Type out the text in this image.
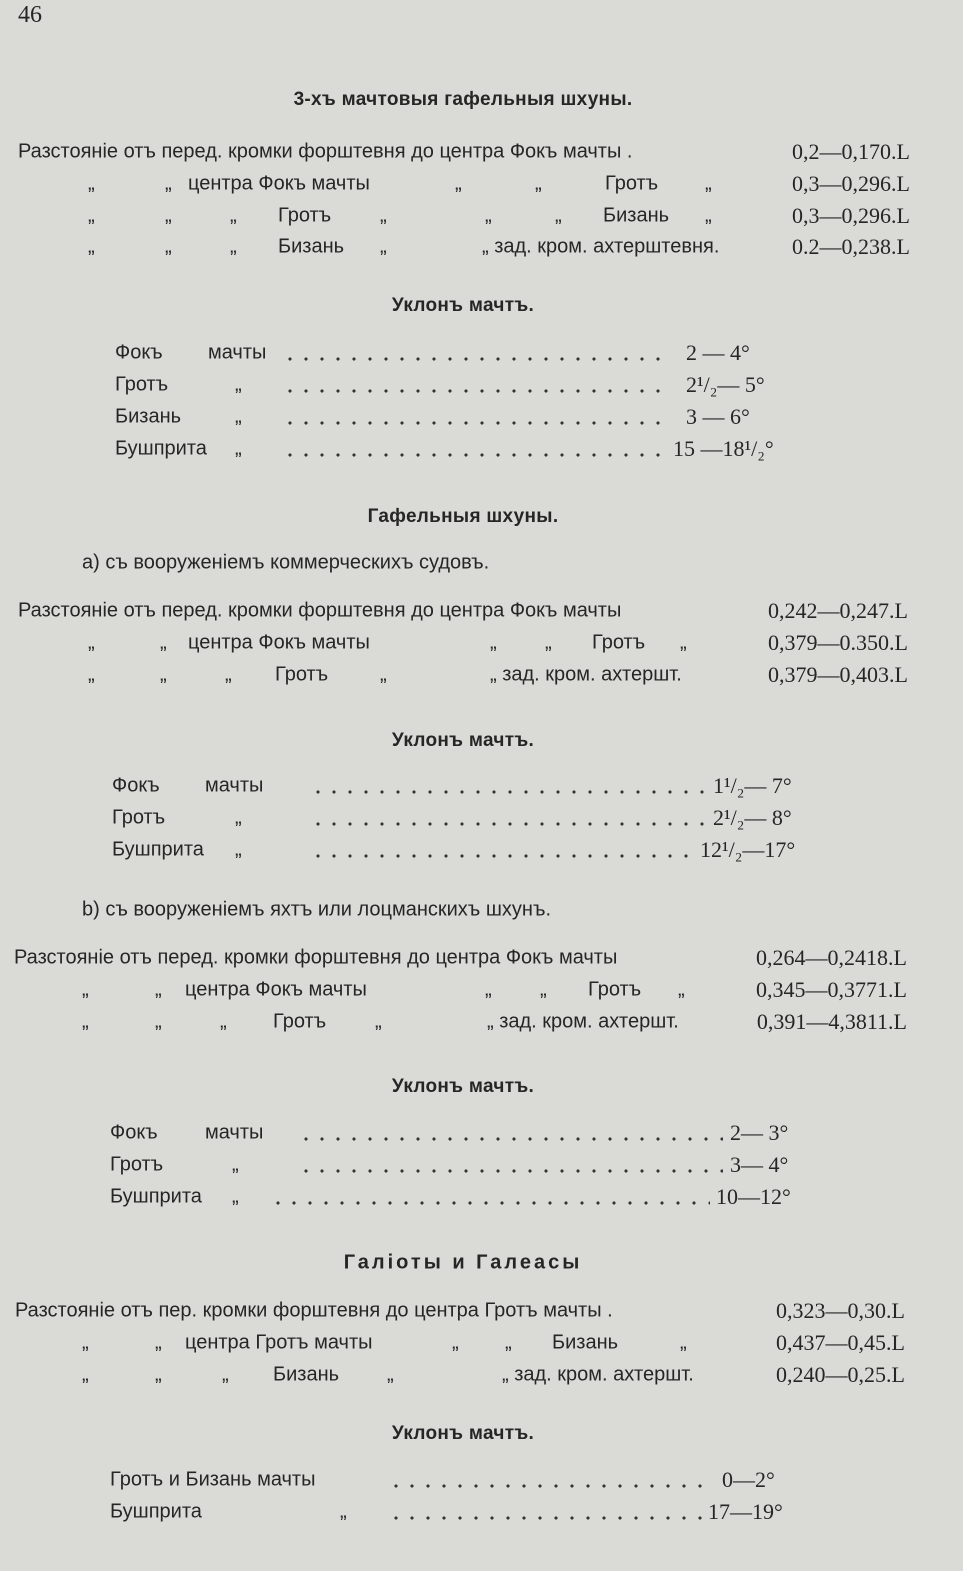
46
3-хъ мачтовыя гафельныя шхуны.
Разстояніе отъ перед. кромки форштевня до центра Фокъ мачты .	0,2—0,170.L
„	„ центра Фокъ мачты	„	„	Гротъ „	0,3—0,296.L
„	„	„ Гротъ „	„	„ Бизань „	0,3—0,296.L
„	„	„ Бизань „	„ зад. кром. ахтерштевня.	0.2—0,238.L
Уклонъ мачтъ.
Фокъ мачты	2 — 4°
Гротъ	„	2¹/₂— 5°
Бизань	„	3 — 6°
Бушприта „	15 —18¹/₂°
Гафельныя шхуны.
a) съ вооруженіемъ коммерческихъ судовъ.
Разстояніе отъ перед. кромки форштевня до центра Фокъ мачты	0,242—0,247.L
„	„ центра Фокъ мачты	„ „ Гротъ „	0,379—0.350.L
„	„	„ Гротъ	„	„ зад. кром. ахтершт.	0,379—0,403.L
Уклонъ мачтъ.
Фокъ мачты	1¹/₂— 7°
Гротъ	„	2¹/₂— 8°
Бушприта „	12¹/₂—17°
b) съ вооруженіемъ яхтъ или лоцманскихъ шхунъ.
Разстояніе отъ перед. кромки форштевня до центра Фокъ мачты	0,264—0,2418.L
„	„ центра Фокъ мачты	„ „ Гротъ „	0,345—0,3771.L
„	„	„ Гротъ „	„ зад. кром. ахтершт.	0,391—4,3811.L
Уклонъ мачтъ.
Фокъ мачты	2— 3°
Гротъ	„	3— 4°
Бушприта „	10—12°
Галіоты и Галеасы
Разстояніе отъ пер. кромки форштевня до центра Гротъ мачты .	0,323—0,30.L
„	„ центра Гротъ мачты	„ „ Бизань	„	0,437—0,45.L
„	„	„ Бизань „	„ зад. кром. ахтершт.	0,240—0,25.L
Уклонъ мачтъ.
Гротъ и Бизань мачты	0—2°
Бушприта	„	17—19°
